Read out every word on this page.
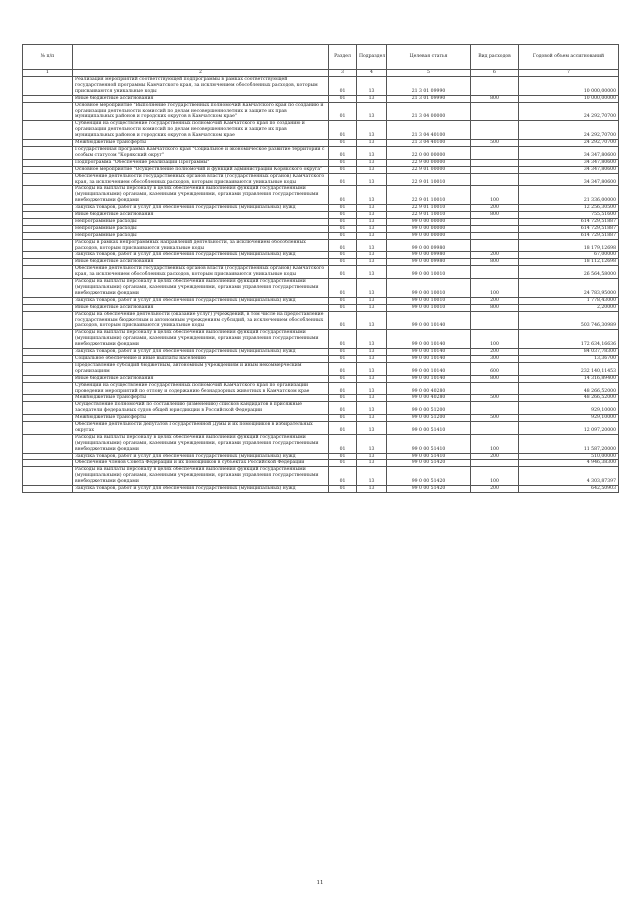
№ п/п		Раздел	Подраздел	Целевая статья	Вид расходов	Годовой объем ассигнований
1	2	3	4	5	6	7
	Реализация мероприятий соответствующей подпрограммы в рамках соответствующей государственной программы Камчатского края, за исключением обособленных расходов, которым присваиваются уникальные коды	01	13	21 3 01 09990		10 000,00000
	Иные бюджетные ассигнования	01	13	21 3 01 09990	800	10 000,00000
	Основное мероприятие "Выполнение государственных полномочий Камчатского края по созданию и организации деятельности комиссий по делам несовершеннолетних и защите их прав муниципальных районов и городских округов в Камчатском крае"	01	13	21 3 04 00000		24 292,70700
	Субвенции на осуществление государственных полномочий Камчатского края по созданию и организации деятельности комиссий по делам несовершеннолетних и защите их прав муниципальных районов и городских округов в Камчатском крае	01	13	21 3 04 40100		24 292,70700
	Межбюджетные трансферты	01	13	21 3 04 40100	500	24 292,70700
	Государственная программа Камчатского края "Социальное и экономическое развитие территории с особым статусом "Корякский округ"	01	13	22 0 00 00000		34 347,80600
	Подпрограмма "Обеспечение реализации Программы"	01	13	22 9 00 00000		34 347,80600
	Основное мероприятие "Осуществление полномочий и функций администрации Корякского округа"	01	13	22 9 01 00000		34 347,80600
	Обеспечение деятельности государственных органов власти (государственных органов) Камчатского края, за исключением обособленных расходов, которым присваиваются уникальные коды	01	13	22 9 01 10010		34 347,80600
	Расходы на выплаты персоналу в целях обеспечения выполнения функций государственными (муниципальными) органами, казенными учреждениями, органами управления государственными внебюджетными фондами	01	13	22 9 01 10010	100	21 336,00000
	Закупка товаров, работ и услуг для обеспечения государственных (муниципальных) нужд	01	13	22 9 01 10010	200	12 256,30500
	Иные бюджетные ассигнования	01	13	22 9 01 10010	800	755,51600
	Непрограммные расходы	01	13	99 0 00 00000		614 729,51887
	Непрограммные расходы	01	13	99 0 00 00000		614 729,51887
	Непрограммные расходы	01	13	99 0 00 00000		614 729,51887
	Расходы в рамках непрограммных направлений деятельности, за исключением обособленных расходов, которым присваиваются уникальные коды	01	13	99 0 00 09980		18 179,12698
	Закупка товаров, работ и услуг для обеспечения государственных (муниципальных) нужд	01	13	99 0 00 09980	200	67,00000
	Иные бюджетные ассигнования	01	13	99 0 00 09980	800	18 112,12698
	Обеспечение деятельности государственных органов власти (государственных органов) Камчатского края, за исключением обособленных расходов, которым присваиваются уникальные коды	01	13	99 0 00 10010		26 564,58000
	Расходы на выплаты персоналу в целях обеспечения выполнения функций государственными (муниципальными) органами, казенными учреждениями, органами управления государственными внебюджетными фондами	01	13	99 0 00 10010	100	24 783,95000
	Закупка товаров, работ и услуг для обеспечения государственных (муниципальных) нужд	01	13	99 0 00 10010	200	1 778,43000
	Иные бюджетные ассигнования	01	13	99 0 00 10010	800	2,20000
	Расходы на обеспечение деятельности (оказание услуг) учреждений, в том числе на предоставление государственным бюджетным и автономным учреждениям субсидий, за исключением обособленных расходов, которым присваиваются уникальные коды	01	13	99 0 00 10140		503 746,30989
	Расходы на выплаты персоналу в целях обеспечения выполнения функций государственными (муниципальными) органами, казенными учреждениями, органами управления государственными внебюджетными фондами	01	13	99 0 00 10140	100	172 634,16636
	Закупка товаров, работ и услуг для обеспечения государственных (муниципальных) нужд	01	13	99 0 00 10140	200	84 037,78300
	Социальное обеспечение и иные выплаты населению	01	13	99 0 00 10140	300	13,36700
	Предоставление субсидий бюджетным, автономным учреждениям и иным некоммерческим организациям	01	13	99 0 00 10140	600	232 140,11453
	Иные бюджетные ассигнования	01	13	99 0 00 10140	800	14 316,89400
	Субвенции на осуществление государственных полномочий Камчатского края по организации проведения мероприятий по отлову и содержанию безнадзорных животных в Камчатском крае	01	13	99 0 00 40280		48 266,52000
	Межбюджетные трансферты	01	13	99 0 00 40280	500	48 266,52000
	Осуществление полномочий по составлению (изменению) списков кандидатов в присяжные заседатели федеральных судов общей юрисдикции в Российской Федерации	01	13	99 0 00 51200		929,10000
	Межбюджетные трансферты	01	13	99 0 00 51200	500	929,10000
	Обеспечение деятельности депутатов Государственной Думы и их помощников в избирательных округах	01	13	99 0 00 51410		12 097,20000
	Расходы на выплаты персоналу в целях обеспечения выполнения функций государственными (муниципальными) органами, казенными учреждениями, органами управления государственными внебюджетными фондами	01	13	99 0 00 51410	100	11 587,20000
	Закупка товаров, работ и услуг для обеспечения государственных (муниципальных) нужд	01	13	99 0 00 51410	200	510,00000
	Обеспечение членов Совета Федерации и их помощников в субъектах Российской Федерации	01	13	99 0 00 51420		4 946,38300
	Расходы на выплаты персоналу в целях обеспечения выполнения функций государственными (муниципальными) органами, казенными учреждениями, органами управления государственными внебюджетными фондами	01	13	99 0 00 51420	100	4 303,87397
	Закупка товаров, работ и услуг для обеспечения государственных (муниципальных) нужд	01	13	99 0 00 51420	200	642,50903
11
